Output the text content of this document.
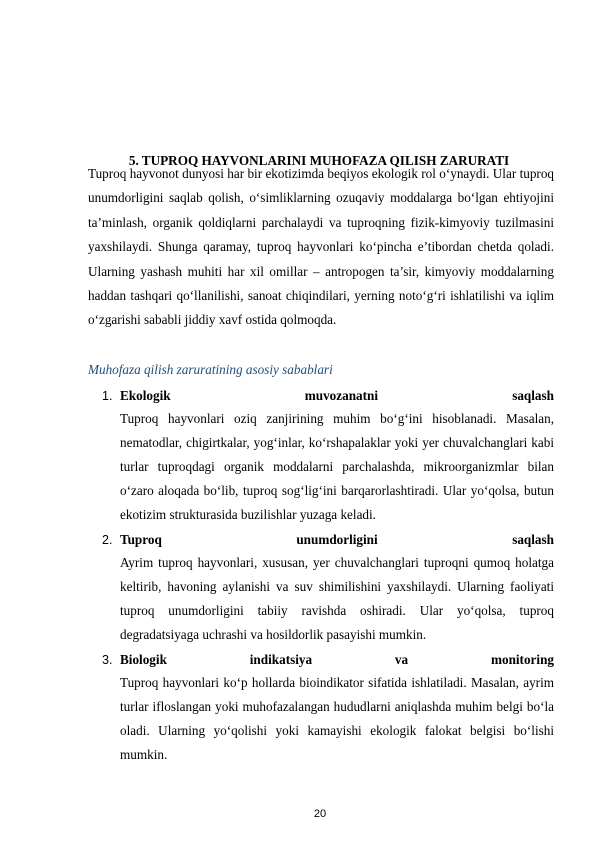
5. TUPROQ HAYVONLARINI MUHOFAZA QILISH ZARURATI
Tuproq hayvonot dunyosi har bir ekotizimda beqiyos ekologik rol o‘ynaydi. Ular tuproq unumdorligini saqlab qolish, o‘simliklarning ozuqaviy moddalarga bo‘lgan ehtiyojini ta’minlash, organik qoldiqlarni parchalaydi va tuproqning fizik-kimyoviy tuzilmasini yaxshilaydi. Shunga qaramay, tuproq hayvonlari ko‘pincha e’tibordan chetda qoladi. Ularning yashash muhiti har xil omillar – antropogen ta’sir, kimyoviy moddalarning haddan tashqari qo‘llanilishi, sanoat chiqindilari, yerning noto‘g‘ri ishlatilishi va iqlim o‘zgarishi sababli jiddiy xavf ostida qolmoqda.
Muhofaza qilish zaruratining asosiy sabablari
1. Ekologik muvozanatni saqlash
Tuproq hayvonlari oziq zanjirining muhim bo‘g‘ini hisoblanadi. Masalan, nematodlar, chigirtkalar, yog‘inlar, ko‘rshapalaklar yoki yer chuvalchanglari kabi turlar tuproqdagi organik moddalarni parchalashda, mikroorganizmlar bilan o‘zaro aloqada bo‘lib, tuproq sog‘lig‘ini barqarorlashtiradi. Ular yo‘qolsa, butun ekotizim strukturasida buzilishlar yuzaga keladi.
2. Tuproq unumdorligini saqlash
Ayrim tuproq hayvonlari, xususan, yer chuvalchanglari tuproqni qumoq holatga keltirib, havoning aylanishi va suv shimilishini yaxshilaydi. Ularning faoliyati tuproq unumdorligini tabiiy ravishda oshiradi. Ular yo‘qolsa, tuproq degradatsiyaga uchrashi va hosildorlik pasayishi mumkin.
3. Biologik indikatsiya va monitoring
Tuproq hayvonlari ko‘p hollarda bioindikator sifatida ishlatiladi. Masalan, ayrim turlar ifloslangan yoki muhofazalangan hududlarni aniqlashda muhim belgi bo‘la oladi. Ularning yo‘qolishi yoki kamayishi ekologik falokat belgisi bo‘lishi mumkin.
20
